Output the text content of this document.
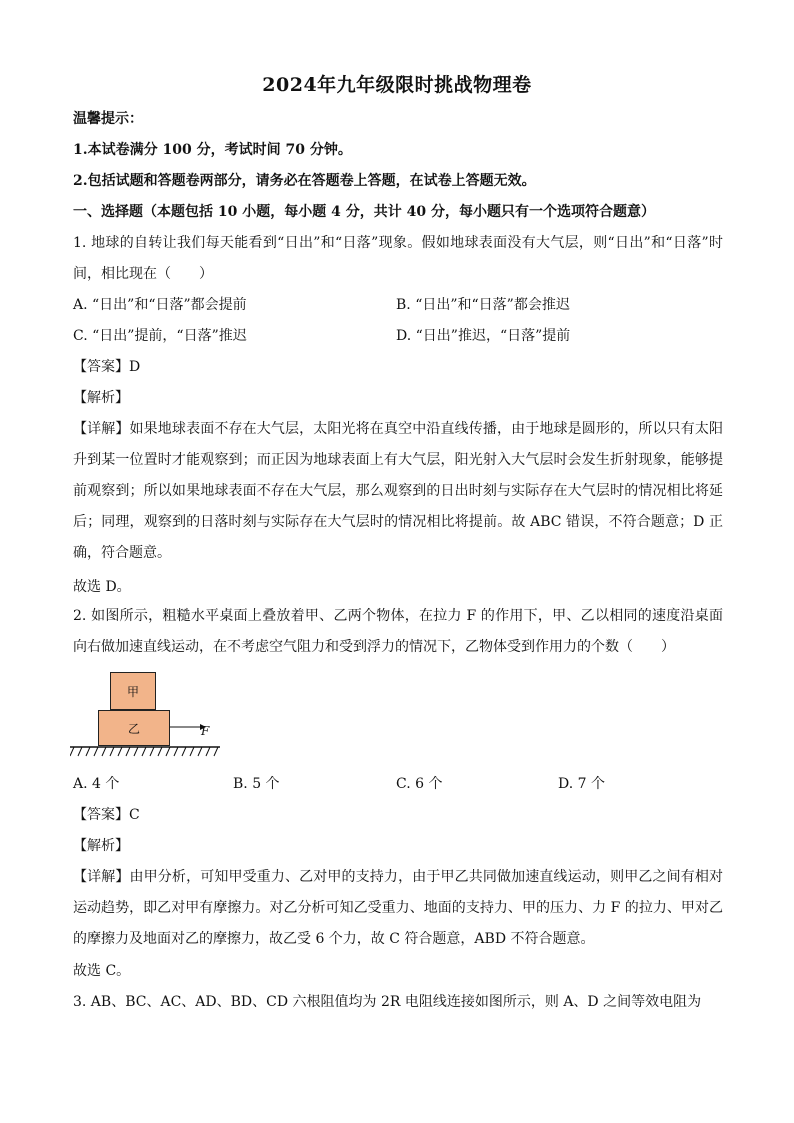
2024年九年级限时挑战物理卷
温馨提示：
1.本试卷满分 100 分，考试时间 70 分钟。
2.包括试题和答题卷两部分，请务必在答题卷上答题，在试卷上答题无效。
一、选择题（本题包括 10 小题，每小题 4 分，共计 40 分，每小题只有一个选项符合题意）
1. 地球的自转让我们每天能看到“日出”和“日落”现象。假如地球表面没有大气层，则“日出”和“日落”时间，相比现在（　　）
A. “日出”和“日落”都会提前	B. “日出”和“日落”都会推迟
C. “日出”提前，“日落”推迟	D. “日出”推迟，“日落”提前
【答案】D
【解析】
【详解】如果地球表面不存在大气层，太阳光将在真空中沿直线传播，由于地球是圆形的，所以只有太阳升到某一位置时才能观察到；而正因为地球表面上有大气层，阳光射入大气层时会发生折射现象，能够提前观察到；所以如果地球表面不存在大气层，那么观察到的日出时刻与实际存在大气层时的情况相比将延后；同理，观察到的日落时刻与实际存在大气层时的情况相比将提前。故 ABC 错误，不符合题意；D 正确，符合题意。
故选 D。
2. 如图所示，粗糙水平桌面上叠放着甲、乙两个物体，在拉力 F 的作用下，甲、乙以相同的速度沿桌面向右做加速直线运动，在不考虑空气阻力和受到浮力的情况下，乙物体受到作用力的个数（　　）
甲
乙	F
A. 4 个	B. 5 个	C. 6 个	D. 7 个
【答案】C
【解析】
【详解】由甲分析，可知甲受重力、乙对甲的支持力，由于甲乙共同做加速直线运动，则甲乙之间有相对运动趋势，即乙对甲有摩擦力。对乙分析可知乙受重力、地面的支持力、甲的压力、力 F 的拉力、甲对乙的摩擦力及地面对乙的摩擦力，故乙受 6 个力，故 C 符合题意，ABD 不符合题意。
故选 C。
3. AB、BC、AC、AD、BD、CD 六根阻值均为 2R 电阻线连接如图所示，则 A、D 之间等效电阻为
